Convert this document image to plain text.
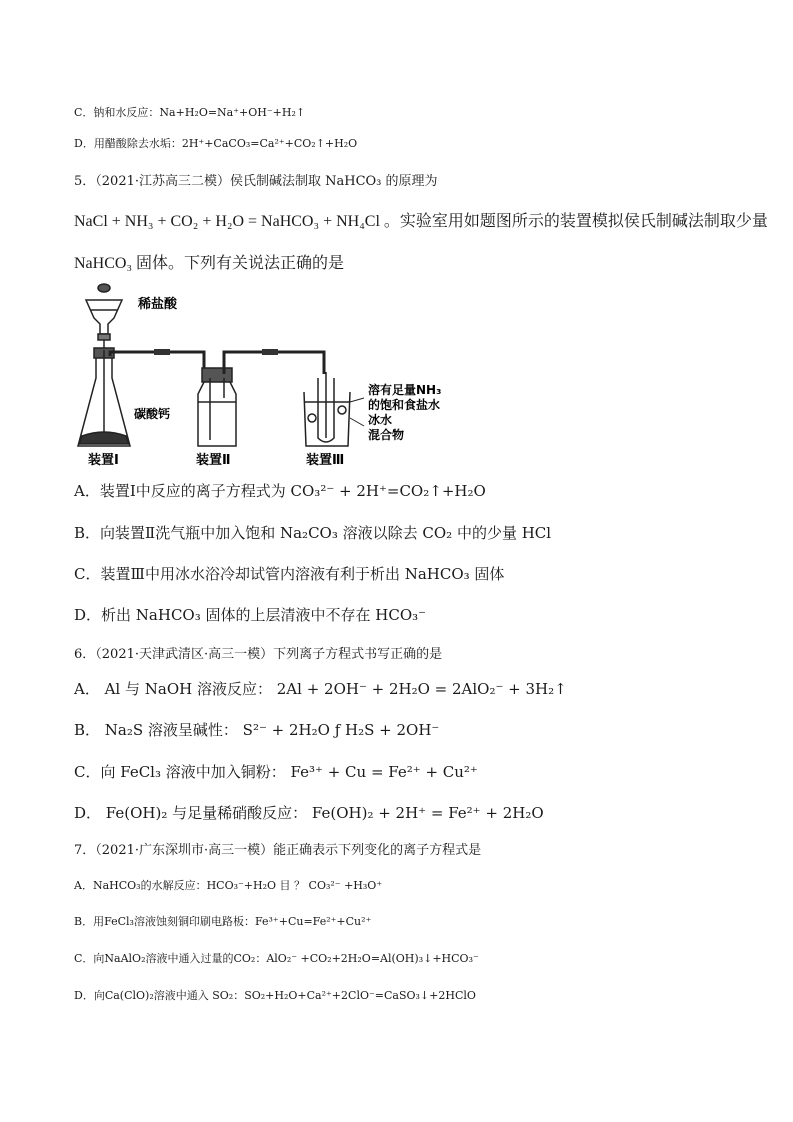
C．钠和水反应：Na+H₂O=Na⁺+OH⁻+H₂↑
D．用醋酸除去水垢：2H⁺+CaCO₃=Ca²⁺+CO₂↑+H₂O
5．（2021·江苏高三二模）侯氏制碱法制取 NaHCO₃ 的原理为
NaCl + NH₃ + CO₂ + H₂O = NaHCO₃ + NH₄Cl 。实验室用如题图所示的装置模拟侯氏制碱法制取少量
NaHCO₃ 固体。下列有关说法正确的是
稀盐酸
碳酸钙
溶有足量NH₃
的饱和食盐水
冰水
混合物
装置Ⅰ	装置Ⅱ	装置Ⅲ
A．装置Ⅰ中反应的离子方程式为 CO₃²⁻ + 2H⁺=CO₂↑+H₂O
B．向装置Ⅱ洗气瓶中加入饱和 Na₂CO₃ 溶液以除去 CO₂ 中的少量 HCl
C．装置Ⅲ中用冰水浴冷却试管内溶液有利于析出 NaHCO₃ 固体
D．析出 NaHCO₃ 固体的上层清液中不存在 HCO₃⁻
6．（2021·天津武清区·高三一模）下列离子方程式书写正确的是
A． Al 与 NaOH 溶液反应： 2Al + 2OH⁻ + 2H₂O = 2AlO₂⁻ + 3H₂↑
B． Na₂S 溶液呈碱性： S²⁻ + 2H₂O ƒ H₂S + 2OH⁻
C．向 FeCl₃ 溶液中加入铜粉： Fe³⁺ + Cu = Fe²⁺ + Cu²⁺
D． Fe(OH)₂ 与足量稀硝酸反应： Fe(OH)₂ + 2H⁺ = Fe²⁺ + 2H₂O
7．（2021·广东深圳市·高三一模）能正确表示下列变化的离子方程式是
A．NaHCO₃的水解反应：HCO₃⁻+H₂O 目 ？ CO₃²⁻ +H₃O⁺
B．用FeCl₃溶液蚀刻铜印刷电路板：Fe³⁺+Cu=Fe²⁺+Cu²⁺
C．向NaAlO₂溶液中通入过量的CO₂：AlO₂⁻ +CO₂+2H₂O=Al(OH)₃↓+HCO₃⁻
D．向Ca(ClO)₂溶液中通入 SO₂：SO₂+H₂O+Ca²⁺+2ClO⁻=CaSO₃↓+2HClO
